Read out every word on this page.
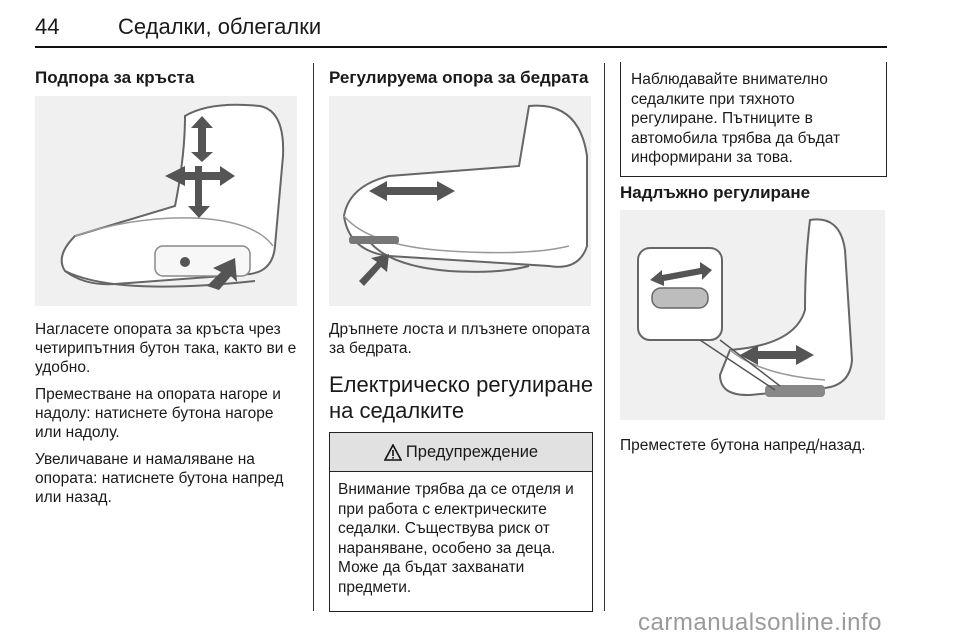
44	Седалки, облегалки
Подпора за кръста

Нагласете опората за кръста чрез четирипътния бутон така, както ви е удобно.

Преместване на опората нагоре и надолу: натиснете бутона нагоре или надолу.

Увеличаване и намаляване на опората: натиснете бутона напред или назад.

Регулируема опора за бедрата
Дръпнете лоста и плъзнете опората за бедрата.
Електрическо регулиране на седалките
Предупреждение
Внимание трябва да се отделя и при работа с електрическите седалки. Съществува риск от нараняване, особено за деца. Може да бъдат захванати предмети.
Наблюдавайте внимателно седалките при тяхното регулиране. Пътниците в автомобила трябва да бъдат информирани за това.
Надлъжно регулиране
Преместете бутона напред/назад.
carmanualsonline.info
